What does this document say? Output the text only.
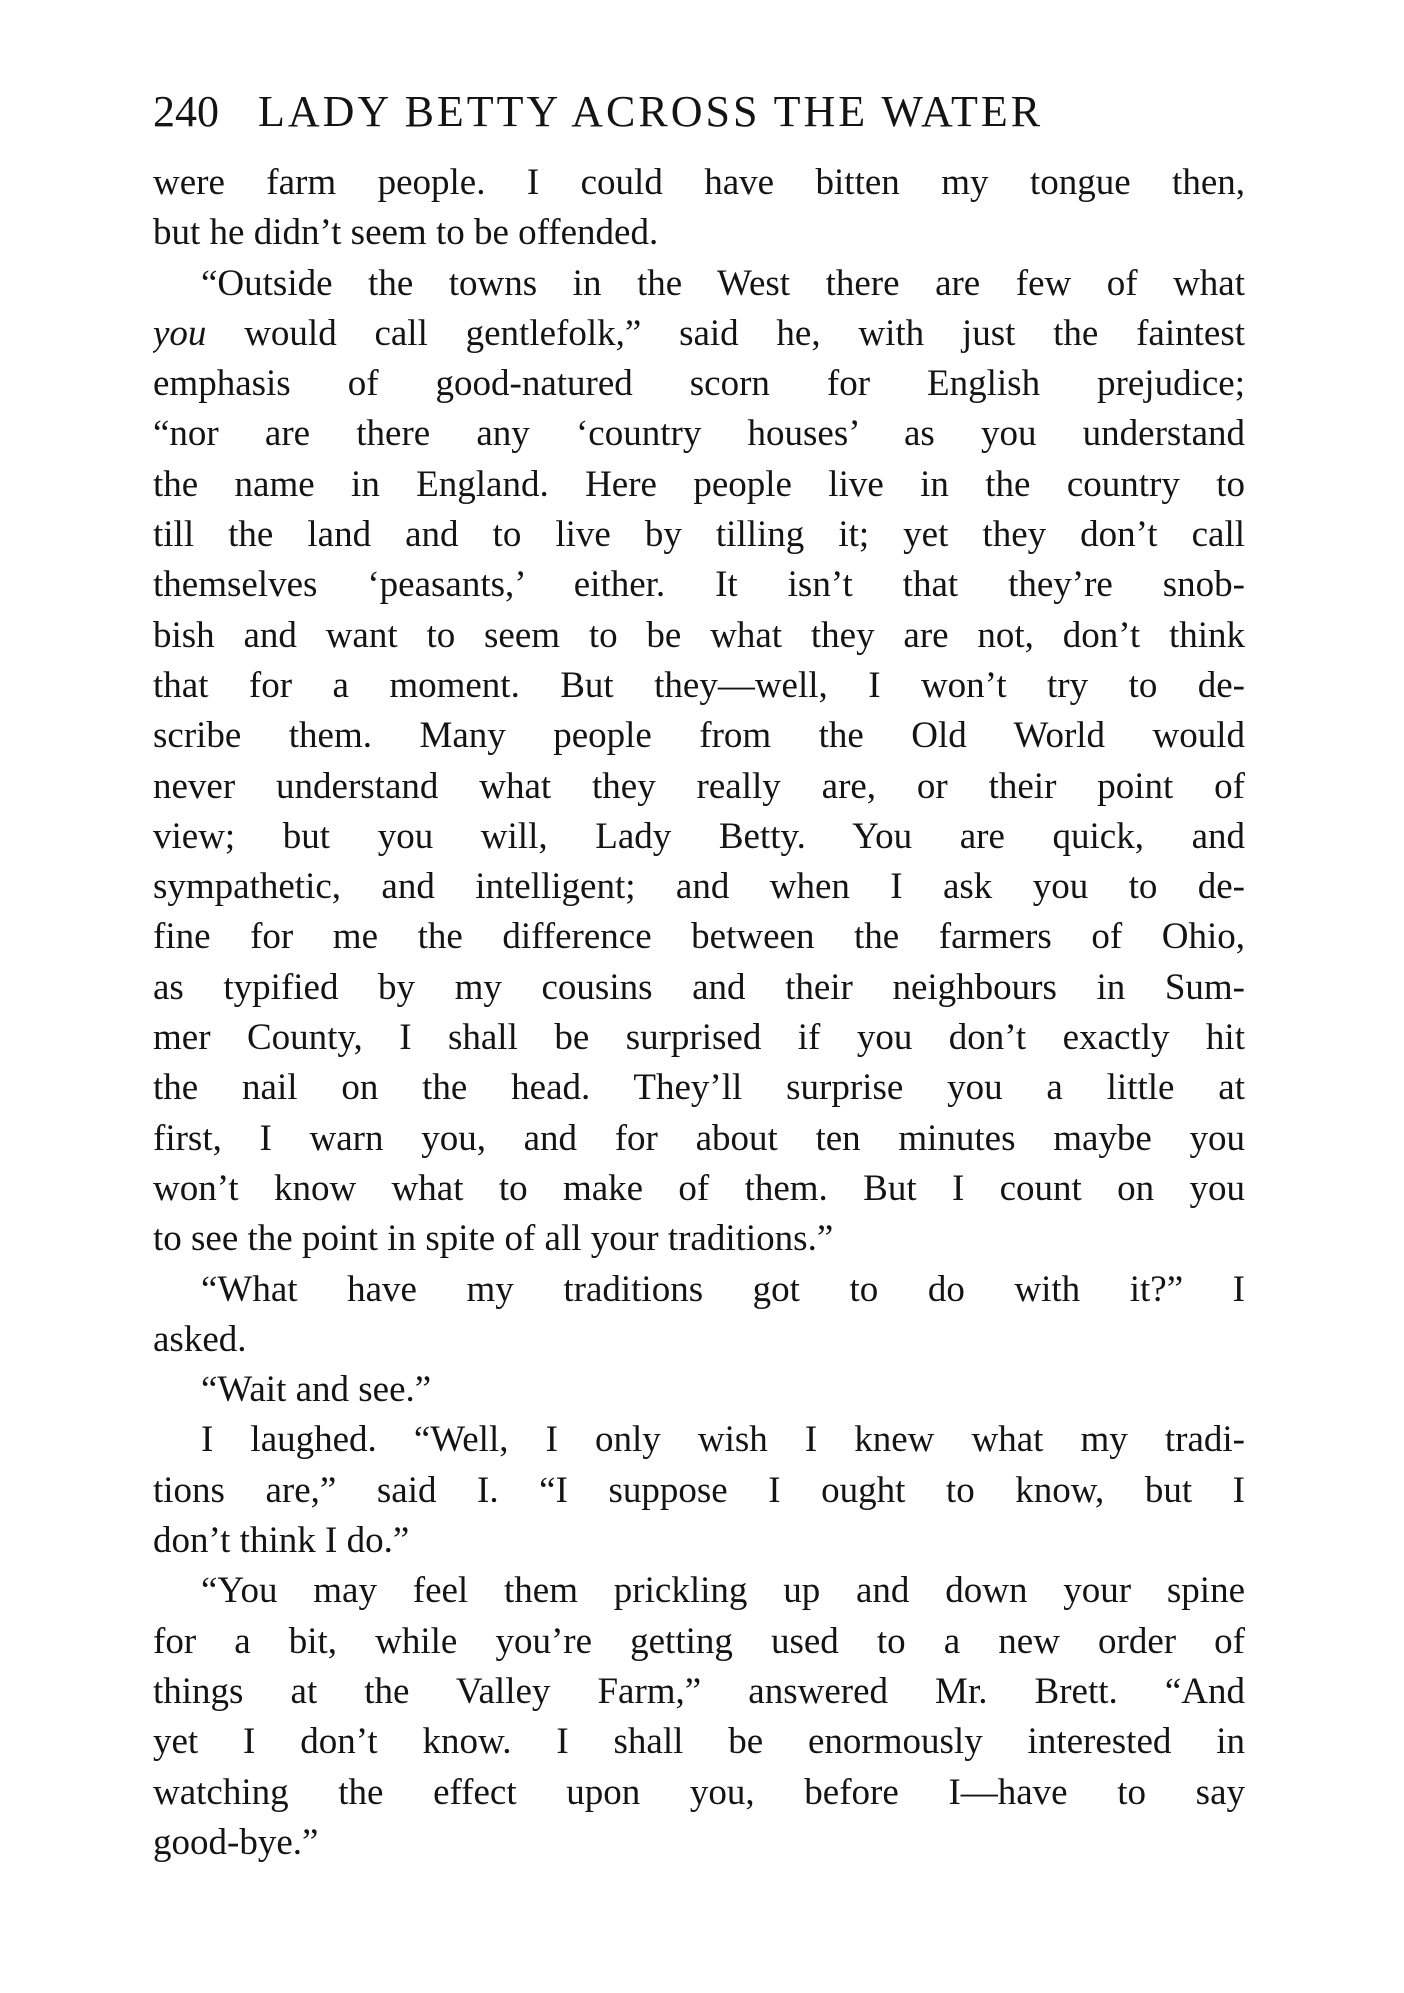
240 LADY BETTY ACROSS THE WATER
were farm people. I could have bitten my tongue then,
but he didn’t seem to be offended.
“Outside the towns in the West there are few of what
you would call gentlefolk,” said he, with just the faintest
emphasis of good-natured scorn for English prejudice;
“nor are there any ‘country houses’ as you understand
the name in England. Here people live in the country to
till the land and to live by tilling it; yet they don’t call
themselves ‘peasants,’ either. It isn’t that they’re snob-
bish and want to seem to be what they are not, don’t think
that for a moment. But they—well, I won’t try to de-
scribe them. Many people from the Old World would
never understand what they really are, or their point of
view; but you will, Lady Betty. You are quick, and
sympathetic, and intelligent; and when I ask you to de-
fine for me the difference between the farmers of Ohio,
as typified by my cousins and their neighbours in Sum-
mer County, I shall be surprised if you don’t exactly hit
the nail on the head. They’ll surprise you a little at
first, I warn you, and for about ten minutes maybe you
won’t know what to make of them. But I count on you
to see the point in spite of all your traditions.”
“What have my traditions got to do with it?” I
asked.
“Wait and see.”
I laughed. “Well, I only wish I knew what my tradi-
tions are,” said I. “I suppose I ought to know, but I
don’t think I do.”
“You may feel them prickling up and down your spine
for a bit, while you’re getting used to a new order of
things at the Valley Farm,” answered Mr. Brett. “And
yet I don’t know. I shall be enormously interested in
watching the effect upon you, before I—have to say
good-bye.”
